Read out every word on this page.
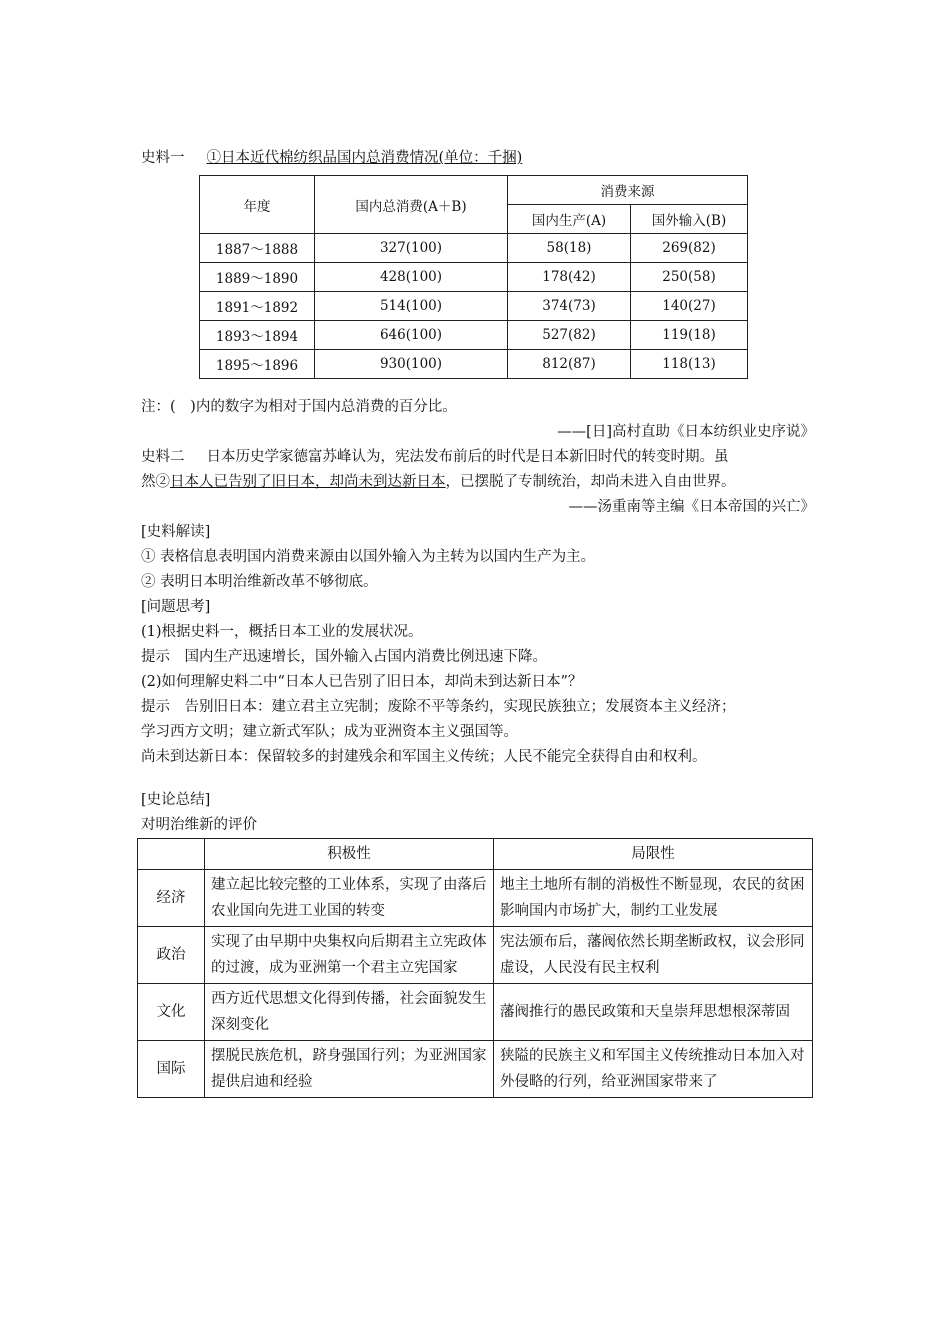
史料一 ①日本近代棉纺织品国内总消费情况(单位：千捆)
年度	国内总消费(A＋B)	消费来源	
		国内生产(A)	国外输入(B)
1887～1888	327(100)	58(18)	269(82)
1889～1890	428(100)	178(42)	250(58)
1891～1892	514(100)	374(73)	140(27)
1893～1894	646(100)	527(82)	119(18)
1895～1896	930(100)	812(87)	118(13)
注：(　)内的数字为相对于国内总消费的百分比。
——[日]高村直助《日本纺织业史序说》
史料二 日本历史学家德富苏峰认为，宪法发布前后的时代是日本新旧时代的转变时期。虽
然②日本人已告别了旧日本，却尚未到达新日本，已摆脱了专制统治，却尚未进入自由世界。
——汤重南等主编《日本帝国的兴亡》
[史料解读]
① 表格信息表明国内消费来源由以国外输入为主转为以国内生产为主。
② 表明日本明治维新改革不够彻底。
[问题思考]
(1)根据史料一，概括日本工业的发展状况。
提示　国内生产迅速增长，国外输入占国内消费比例迅速下降。
(2)如何理解史料二中“日本人已告别了旧日本，却尚未到达新日本”？
提示　告别旧日本：建立君主立宪制；废除不平等条约，实现民族独立；发展资本主义经济；
学习西方文明；建立新式军队；成为亚洲资本主义强国等。
尚未到达新日本：保留较多的封建残余和军国主义传统；人民不能完全获得自由和权利。
[史论总结]
对明治维新的评价
	积极性	局限性
经济	建立起比较完整的工业体系，实现了由落后农业国向先进工业国的转变	地主土地所有制的消极性不断显现，农民的贫困影响国内市场扩大，制约工业发展
政治	实现了由早期中央集权向后期君主立宪政体的过渡，成为亚洲第一个君主立宪国家	宪法颁布后，藩阀依然长期垄断政权，议会形同虚设，人民没有民主权利
文化	西方近代思想文化得到传播，社会面貌发生深刻变化	藩阀推行的愚民政策和天皇崇拜思想根深蒂固
国际	摆脱民族危机，跻身强国行列；为亚洲国家提供启迪和经验	狭隘的民族主义和军国主义传统推动日本加入对外侵略的行列，给亚洲国家带来了
